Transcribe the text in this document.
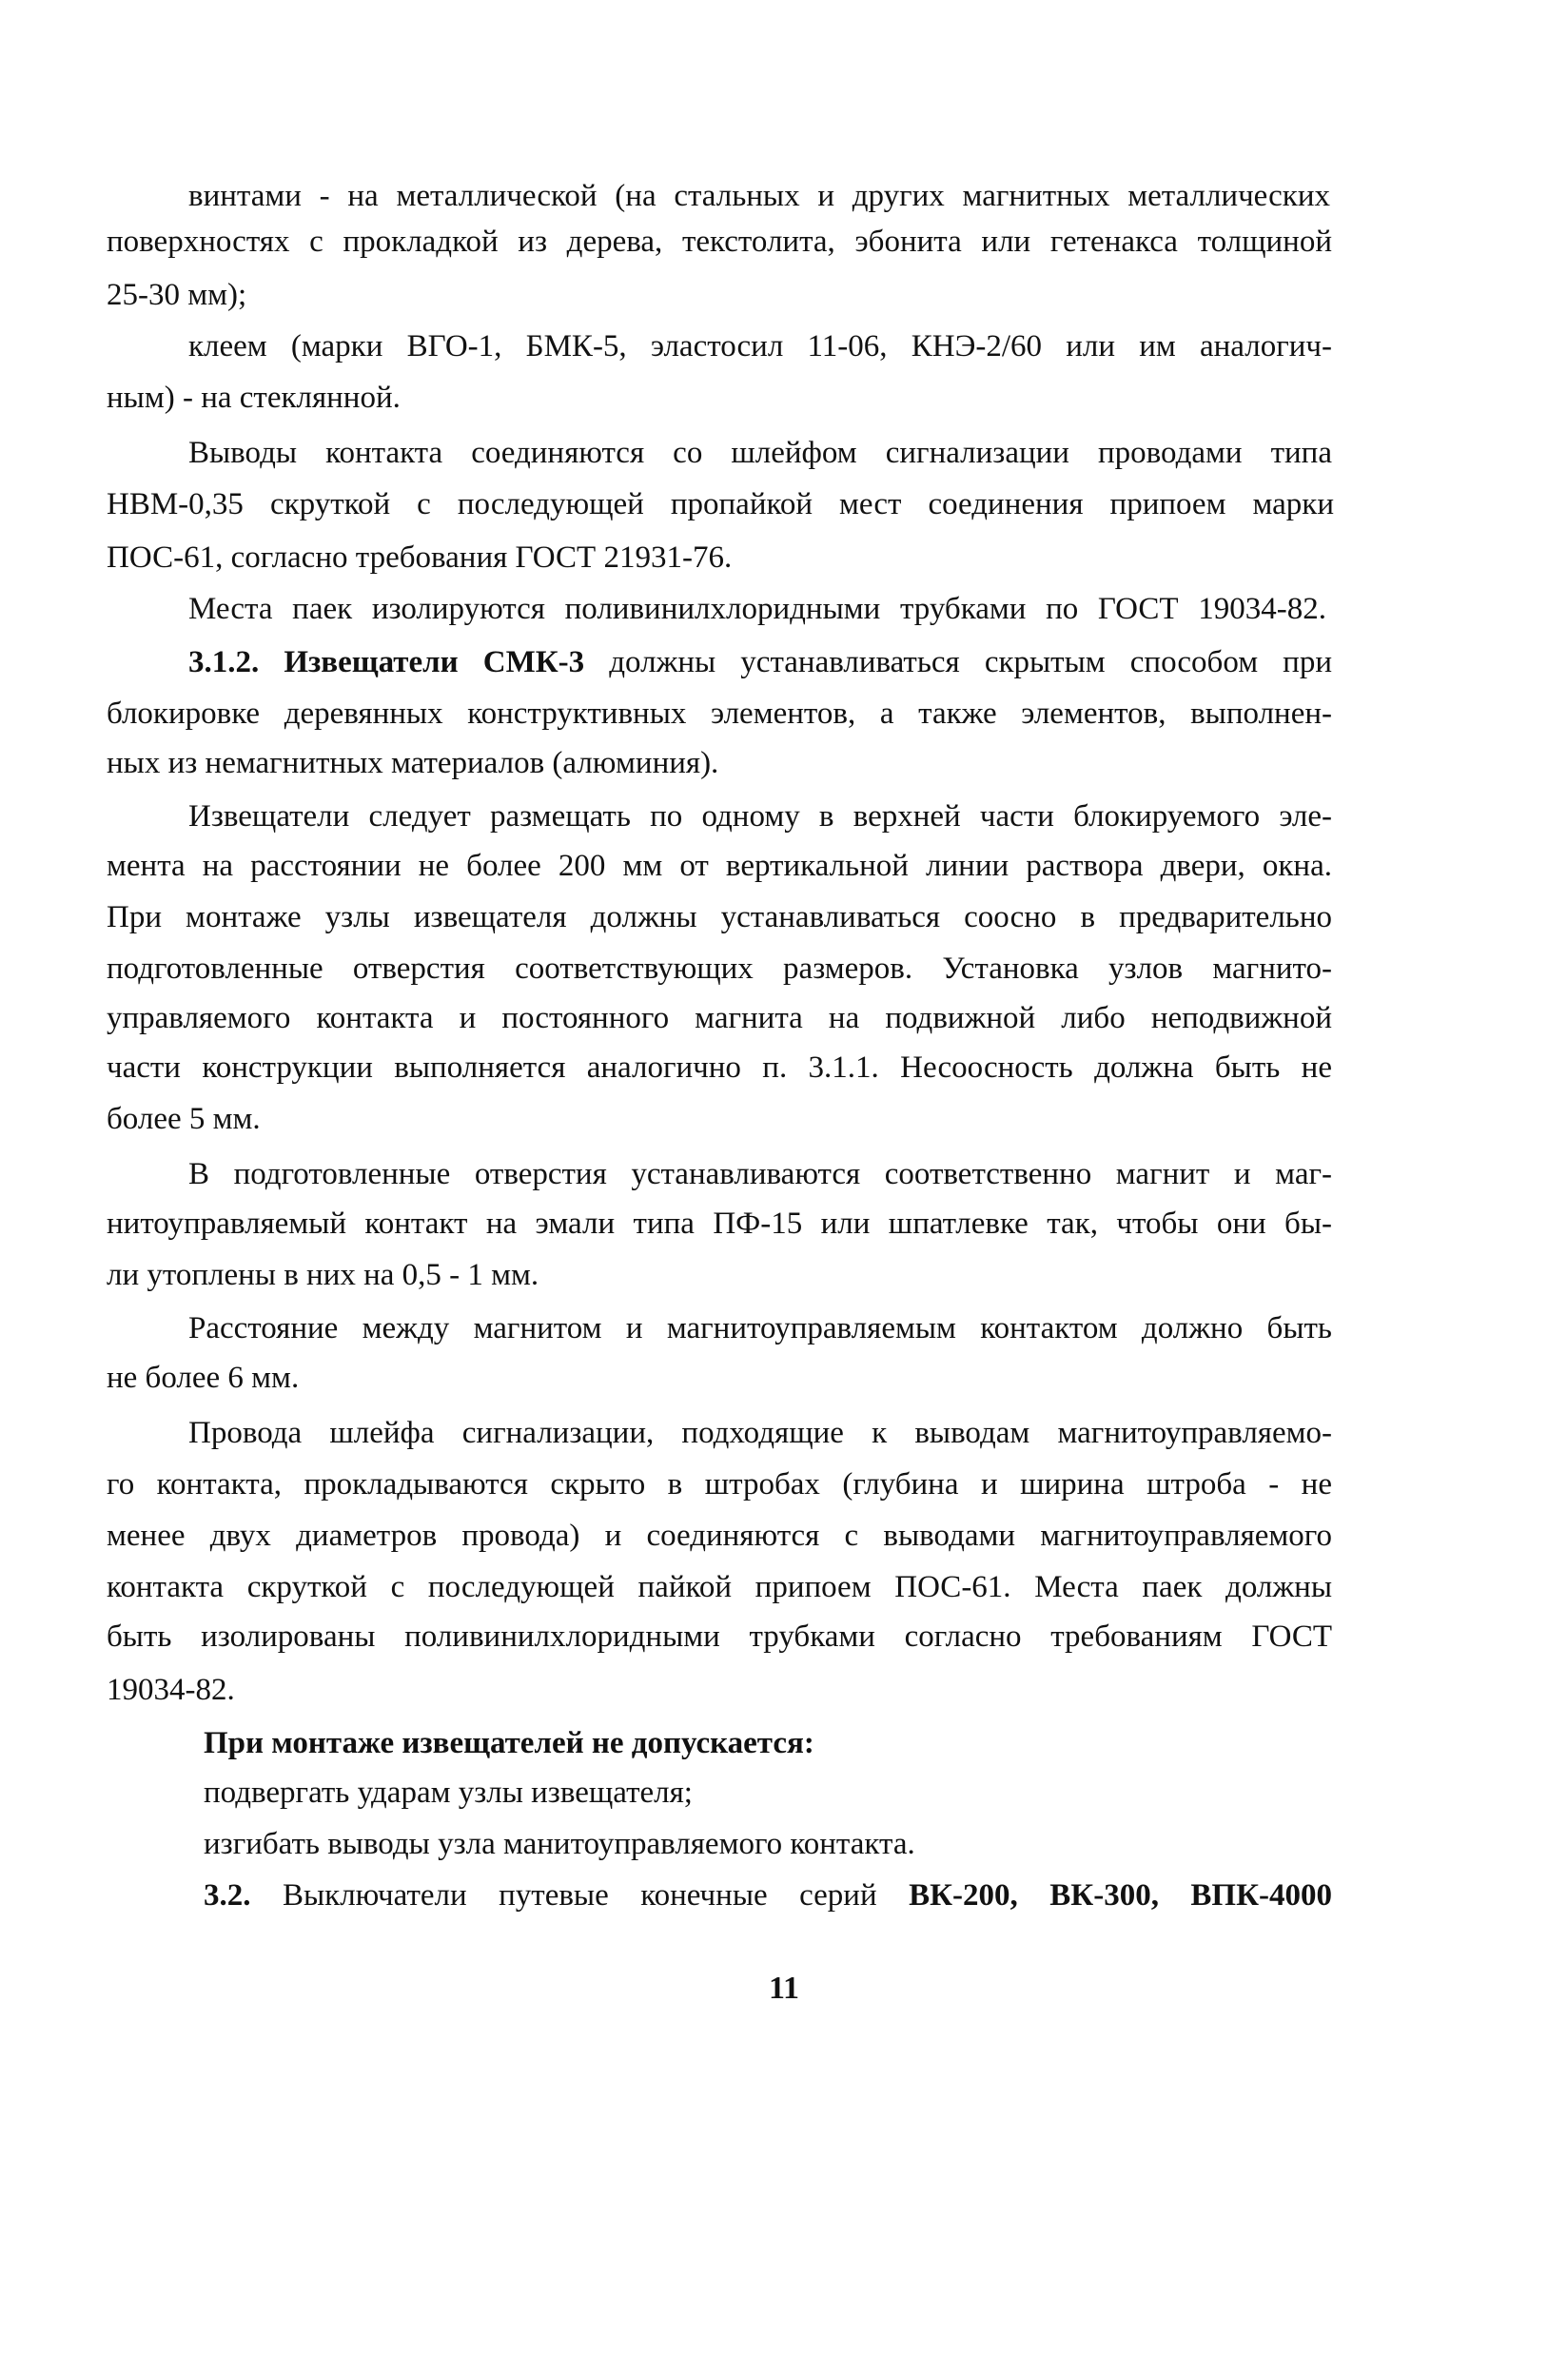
винтами - на металлической (на стальных и других магнитных металлических
поверхностях с прокладкой из дерева, текстолита, эбонита или гетенакса толщиной
25-30 мм);
клеем (марки ВГО-1, БМК-5, эластосил 11-06, КНЭ-2/60 или им аналогич-
ным) - на стеклянной.
Выводы контакта соединяются со шлейфом сигнализации проводами типа
НВМ-0,35 скруткой с последующей пропайкой мест соединения припоем марки
ПОС-61, согласно требования ГОСТ 21931-76.
Места паек изолируются поливинилхлоридными трубками по ГОСТ 19034-82.
3.1.2. Извещатели СМК-3 должны устанавливаться скрытым способом при
блокировке деревянных конструктивных элементов, а также элементов, выполнен-
ных из немагнитных материалов (алюминия).
Извещатели следует размещать по одному в верхней части блокируемого эле-
мента на расстоянии не более 200 мм от вертикальной линии раствора двери, окна.
При монтаже узлы извещателя должны устанавливаться соосно в предварительно
подготовленные отверстия соответствующих размеров. Установка узлов магнито-
управляемого контакта и постоянного магнита на подвижной либо неподвижной
части конструкции выполняется аналогично п. 3.1.1. Несоосность должна быть не
более 5 мм.
В подготовленные отверстия устанавливаются соответственно магнит и маг-
нитоуправляемый контакт на эмали типа ПФ-15 или шпатлевке так, чтобы они бы-
ли утоплены в них на 0,5 - 1 мм.
Расстояние между магнитом и магнитоуправляемым контактом должно быть
не более 6 мм.
Провода шлейфа сигнализации, подходящие к выводам магнитоуправляемо-
го контакта, прокладываются скрыто в штробах (глубина и ширина штроба - не
менее двух диаметров провода) и соединяются с выводами магнитоуправляемого
контакта скруткой с последующей пайкой припоем ПОС-61. Места паек должны
быть изолированы поливинилхлоридными трубками согласно требованиям ГОСТ
19034-82.
При монтаже извещателей не допускается:
подвергать ударам узлы извещателя;
изгибать выводы узла манитоуправляемого контакта.
3.2. Выключатели путевые конечные серий ВК-200, ВК-300, ВПК-4000
11
